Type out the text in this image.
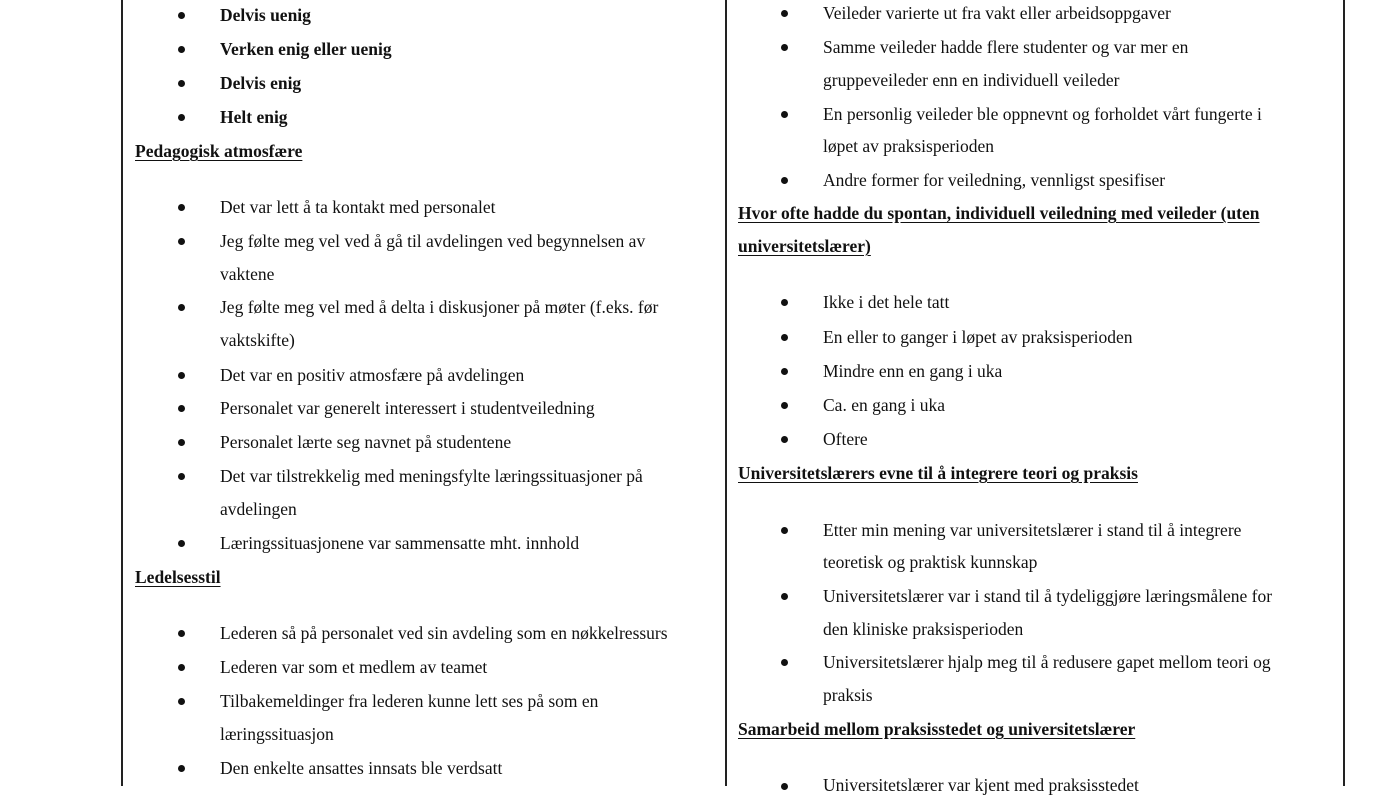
Delvis uenig
Verken enig eller uenig
Delvis enig
Helt enig
Pedagogisk atmosfære
Det var lett å ta kontakt med personalet
Jeg følte meg vel ved å gå til avdelingen ved begynnelsen av
vaktene
Jeg følte meg vel med å delta i diskusjoner på møter (f.eks. før
vaktskifte)
Det var en positiv atmosfære på avdelingen
Personalet var generelt interessert i studentveiledning
Personalet lærte seg navnet på studentene
Det var tilstrekkelig med meningsfylte læringssituasjoner på
avdelingen
Læringssituasjonene var sammensatte mht. innhold
Ledelsesstil
Lederen så på personalet ved sin avdeling som en nøkkelressurs
Lederen var som et medlem av teamet
Tilbakemeldinger fra lederen kunne lett ses på som en
læringssituasjon
Den enkelte ansattes innsats ble verdsatt
Veileder varierte ut fra vakt eller arbeidsoppgaver
Samme veileder hadde flere studenter og var mer en
gruppeveileder enn en individuell veileder
En personlig veileder ble oppnevnt og forholdet vårt fungerte i
løpet av praksisperioden
Andre former for veiledning, vennligst spesifiser
Hvor ofte hadde du spontan, individuell veiledning med veileder (uten
universitetslærer)
Ikke i det hele tatt
En eller to ganger i løpet av praksisperioden
Mindre enn en gang i uka
Ca. en gang i uka
Oftere
Universitetslærers evne til å integrere teori og praksis
Etter min mening var universitetslærer i stand til å integrere
teoretisk og praktisk kunnskap
Universitetslærer var i stand til å tydeliggjøre læringsmålene for
den kliniske praksisperioden
Universitetslærer hjalp meg til å redusere gapet mellom teori og
praksis
Samarbeid mellom praksisstedet og universitetslærer
Universitetslærer var kjent med praksisstedet
